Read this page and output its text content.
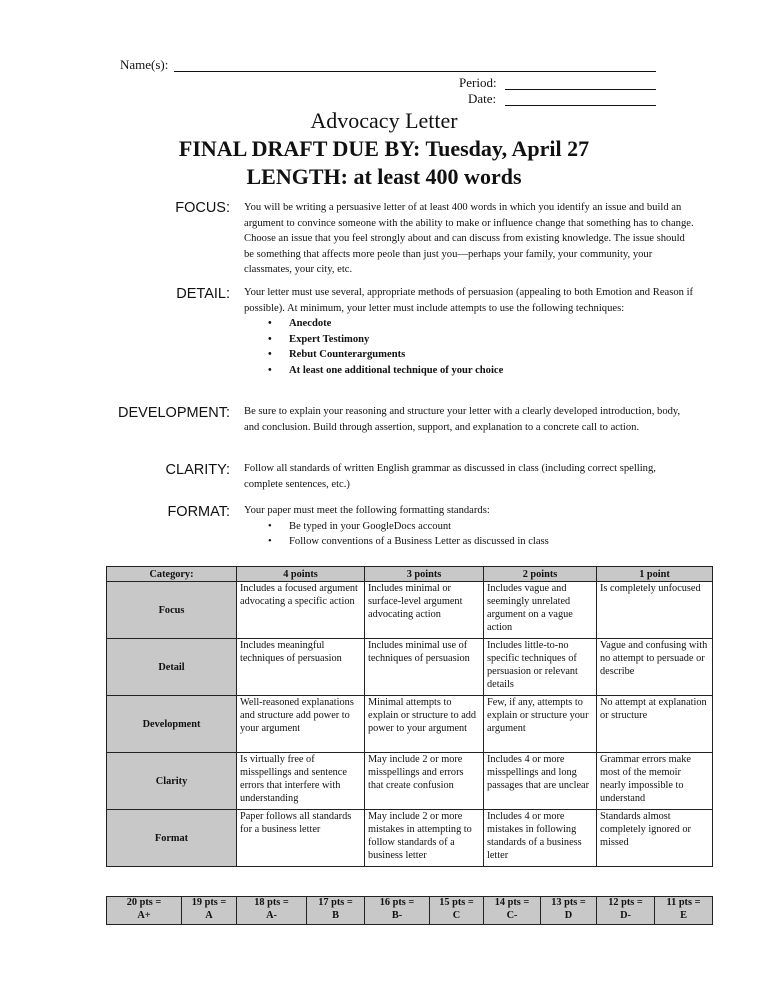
Name(s):
Period:
Date:
Advocacy Letter
FINAL DRAFT DUE BY: Tuesday, April 27
LENGTH: at least 400 words
FOCUS: You will be writing a persuasive letter of at least 400 words in which you identify an issue and build an argument to convince someone with the ability to make or influence change that something has to change. Choose an issue that you feel strongly about and can discuss from existing knowledge. The issue should be something that affects more peole than just you—perhaps your family, your community, your classmates, your city, etc.

DETAIL: Your letter must use several, appropriate methods of persuasion (appealing to both Emotion and Reason if possible). At minimum, your letter must include attempts to use the following techniques:

• Anecdote
• Expert Testimony
• Rebut Counterarguments
• At least one additional technique of your choice
DEVELOPMENT: Be sure to explain your reasoning and structure your letter with a clearly developed introduction, body, and conclusion. Build through assertion, support, and explanation to a concrete call to action.

CLARITY: Follow all standards of written English grammar as discussed in class (including correct spelling, complete sentences, etc.)

FORMAT: Your paper must meet the following formatting standards:

• Be typed in your GoogleDocs account
• Follow conventions of a Business Letter as discussed in class
Category:	4 points	3 points	2 points	1 point
Focus	Includes a focused argument advocating a specific action	Includes minimal or surface-level argument advocating action	Includes vague and seemingly unrelated argument on a vague action	Is completely unfocused
Detail	Includes meaningful techniques of persuasion	Includes minimal use of techniques of persuasion	Includes little-to-no specific techniques of persuasion or relevant details	Vague and confusing with no attempt to persuade or describe
Development	Well-reasoned explanations and structure add power to your argument	Minimal attempts to explain or structure to add power to your argument	Few, if any, attempts to explain or structure your argument	No attempt at explanation or structure
Clarity	Is virtually free of misspellings and sentence errors that interfere with understanding	May include 2 or more misspellings and errors that create confusion	Includes 4 or more misspellings and long passages that are unclear	Grammar errors make most of the memoir nearly impossible to understand
Format	Paper follows all standards for a business letter	May include 2 or more mistakes in attempting to follow standards of a business letter	Includes 4 or more mistakes in following standards of a business letter	Standards almost completely ignored or missed
20 pts =
A+

19 pts =
A

18 pts =
A-

17 pts =
B

16 pts =
B-

15 pts =
C

14 pts =
C-

13 pts =
D

12 pts =
D-

11 pts =
E
